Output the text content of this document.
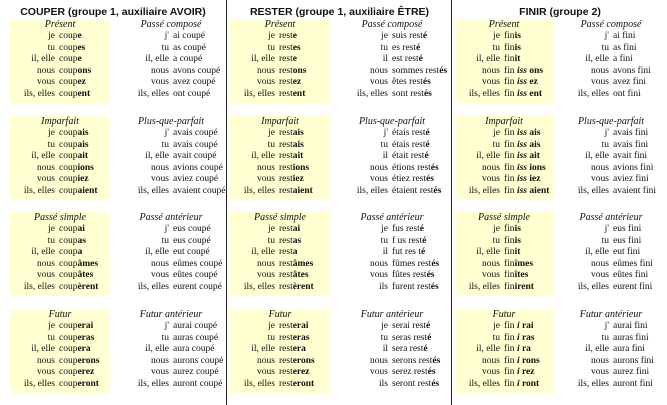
COUPER (groupe 1, auxiliaire AVOIR)
Présent
je coupe
tu coupes
il, elle coupe
nous coupons
vous coupez
ils, elles coupent
Passé composé
j' ai coupé
tu as coupé
il, elle a coupé
nous avons coupé
vous avez coupé
ils, elles ont coupé
Imparfait
je coupais
tu coupais
il, elle coupait
nous coupions
vous coupiez
ils, elles coupaient
Plus-que-parfait
j' avais coupé
tu avais coupé
il, elle avait coupé
nous avions coupé
vous aviez coupé
ils, elles avaient coupé
Passé simple
je coupai
tu coupas
il, elle coupa
nous coupâmes
vous coupâtes
ils, elles coupèrent
Passé antérieur
j' eus coupé
tu eus coupé
il, elle eut coupé
nous eûmes coupé
vous eûtes coupé
ils, elles eurent coupé
Futur
je couperai
tu couperas
il, elle coupera
nous couperons
vous couperez
ils, elles couperont
Futur antérieur
j' aurai coupé
tu auras coupé
il, elle aura coupé
nous aurons coupé
vous aurez coupé
ils, elles auront coupé
RESTER (groupe 1, auxiliaire ÊTRE)
Présent
je reste
tu restes
il, elle reste
nous restons
vous restez
ils, elles restent
Passé composé
je suis resté
tu es resté
il est resté
nous sommes restés
vous êtes restés
ils, elles sont restés
Imparfait
je restais
tu restais
il, elle restait
nous restions
vous restiez
ils, elles restaient
Plus-que-parfait
j' étais resté
tu étais resté
il était resté
nous étions restés
vous étiez restés
ils, elles étaient restés
Passé simple
je restai
tu restas
il, elle resta
nous restâmes
vous restâtes
ils, elles restèrent
Passé antérieur
je fus resté
tu f us resté
il fut res té
nous fûmes restés
vous fûtes restés
ils furent restés
Futur
je resterai
tu resteras
il, elle restera
nous resterons
vous resterez
ils, elles resteront
Futur antérieur
je serai resté
tu seras resté
il sera resté
nous serons restés
vous serez restés
ils seront restés
FINIR (groupe 2)
Présent
je finis
tu finis
il, elle finit
nous fin iss ons
vous fin iss ez
ils, elles fin iss ent
Passé composé
j' ai fini
tu as fini
il, elle a fini
nous avons fini
vous avez fini
ils, elles ont fini
Imparfait
je fin iss ais
tu fin iss ais
il, elle fin iss ait
nous fin iss ions
vous fin iss iez
ils, elles fin iss aient
Plus-que-parfait
j' avais fini
tu avais fini
il, elle avait fini
nous avions fini
vous aviez fini
ils, elles avaient fini
Passé simple
je finis
tu finis
il, elle finit
nous finîmes
vous finîtes
ils, elles finirent
Passé antérieur
j' eus fini
tu eus fini
il, elle eut fini
nous eûmes fini
vous eûtes fini
ils, elles eurent fini
Futur
je fin i rai
tu fin i ras
il, elle fin i ra
nous fin i rons
vous fin i rez
ils, elles fin i ront
Futur antérieur
j' aurai fini
tu auras fini
il, elle aura fini
nous aurons fini
vous aurez fini
ils, elles auront fini
